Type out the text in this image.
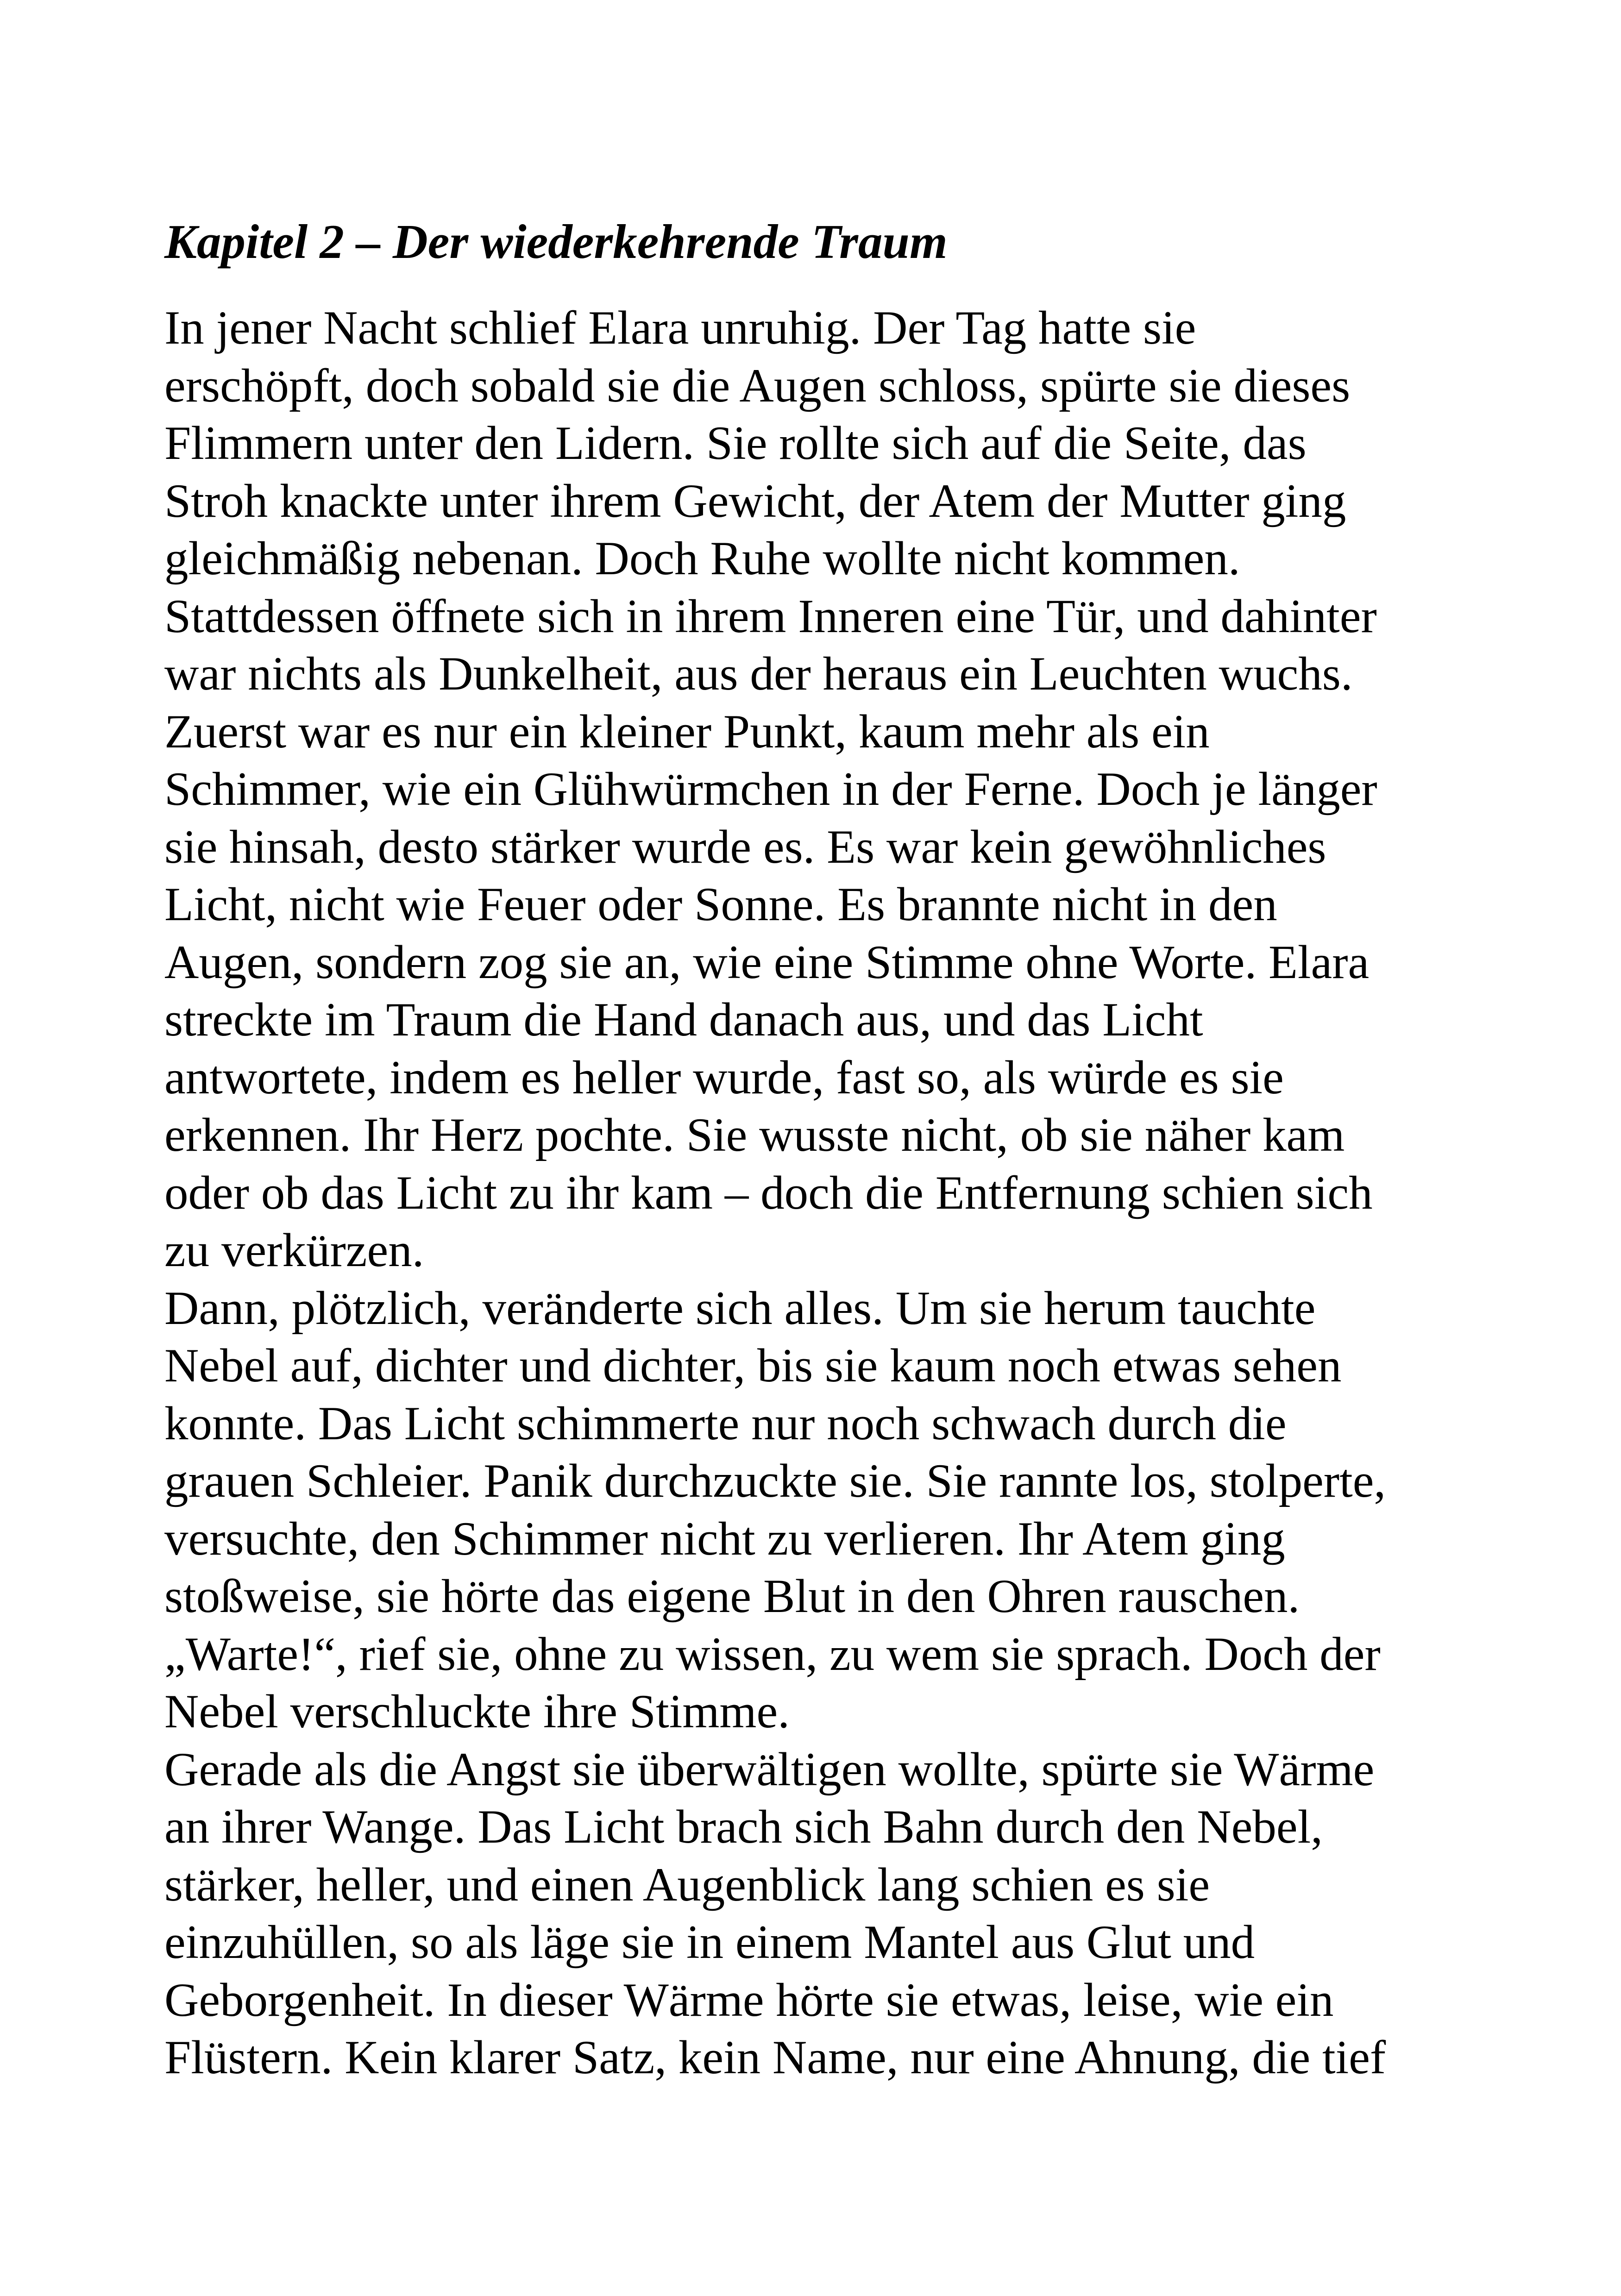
Kapitel 2 – Der wiederkehrende Traum
In jener Nacht schlief Elara unruhig. Der Tag hatte sie
erschöpft, doch sobald sie die Augen schloss, spürte sie dieses
Flimmern unter den Lidern. Sie rollte sich auf die Seite, das
Stroh knackte unter ihrem Gewicht, der Atem der Mutter ging
gleichmäßig nebenan. Doch Ruhe wollte nicht kommen.
Stattdessen öffnete sich in ihrem Inneren eine Tür, und dahinter
war nichts als Dunkelheit, aus der heraus ein Leuchten wuchs.
Zuerst war es nur ein kleiner Punkt, kaum mehr als ein
Schimmer, wie ein Glühwürmchen in der Ferne. Doch je länger
sie hinsah, desto stärker wurde es. Es war kein gewöhnliches
Licht, nicht wie Feuer oder Sonne. Es brannte nicht in den
Augen, sondern zog sie an, wie eine Stimme ohne Worte. Elara
streckte im Traum die Hand danach aus, und das Licht
antwortete, indem es heller wurde, fast so, als würde es sie
erkennen. Ihr Herz pochte. Sie wusste nicht, ob sie näher kam
oder ob das Licht zu ihr kam – doch die Entfernung schien sich
zu verkürzen.
Dann, plötzlich, veränderte sich alles. Um sie herum tauchte
Nebel auf, dichter und dichter, bis sie kaum noch etwas sehen
konnte. Das Licht schimmerte nur noch schwach durch die
grauen Schleier. Panik durchzuckte sie. Sie rannte los, stolperte,
versuchte, den Schimmer nicht zu verlieren. Ihr Atem ging
stoßweise, sie hörte das eigene Blut in den Ohren rauschen.
„Warte!“, rief sie, ohne zu wissen, zu wem sie sprach. Doch der
Nebel verschluckte ihre Stimme.
Gerade als die Angst sie überwältigen wollte, spürte sie Wärme
an ihrer Wange. Das Licht brach sich Bahn durch den Nebel,
stärker, heller, und einen Augenblick lang schien es sie
einzuhüllen, so als läge sie in einem Mantel aus Glut und
Geborgenheit. In dieser Wärme hörte sie etwas, leise, wie ein
Flüstern. Kein klarer Satz, kein Name, nur eine Ahnung, die tief
